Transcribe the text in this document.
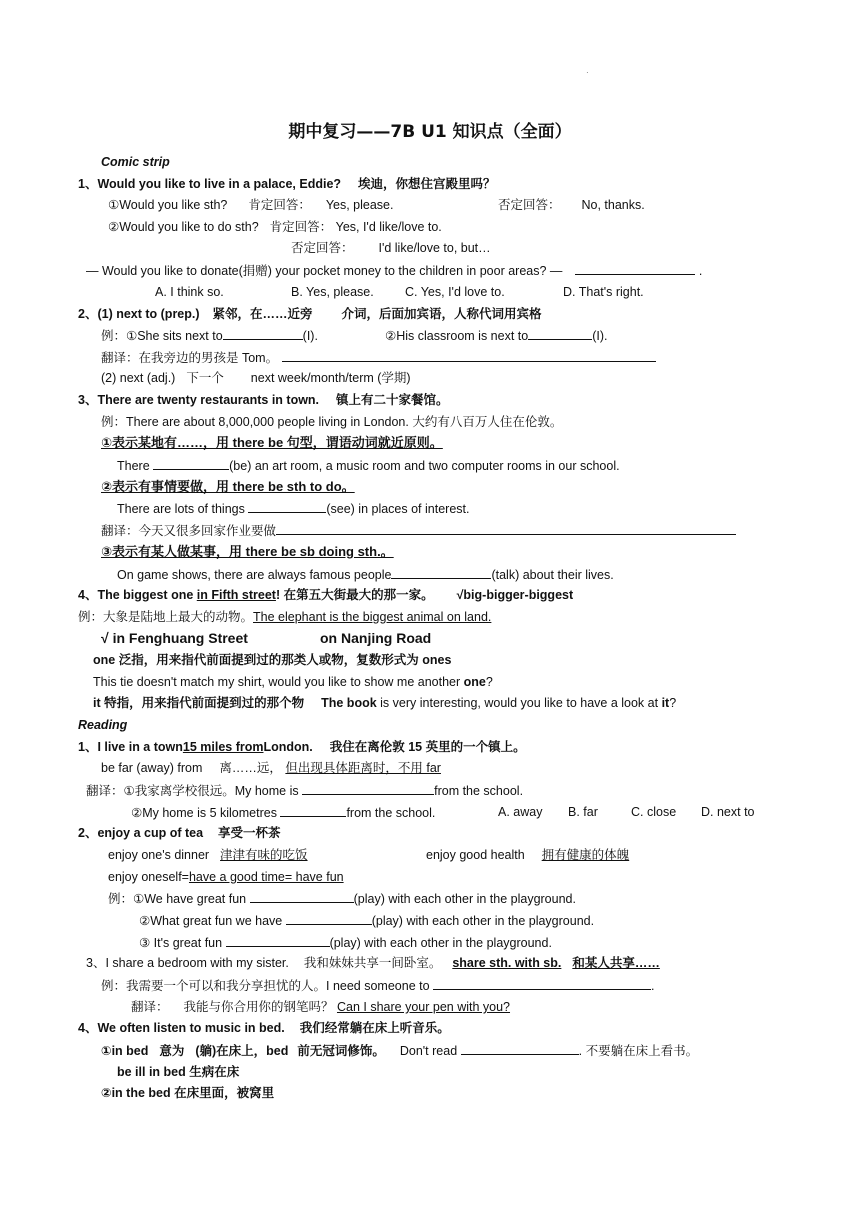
·
期中复习——7B U1 知识点（全面）
Comic strip
1、Would you like to live in a palace, Eddie? 埃迪，你想住宫殿里吗？
①Would you like sth? 肯定回答： Yes, please.	否定回答： No, thanks.
②Would you like to do sth? 肯定回答： Yes, I'd like/love to.
否定回答： I'd like/love to, but…
— Would you like to donate(捐赠) your pocket money to the children in poor areas? —	.
A. I think so.	B. Yes, please.	C. Yes, I'd love to.	D. That's right.
2、(1) next to (prep.) 紧邻，在……近旁 介词，后面加宾语，人称代词用宾格
例：①She sits next to	(I).	②His classroom is next to	(I).
翻译：在我旁边的男孩是 Tom。
(2) next (adj.) 下一个 next week/month/term (学期)
3、There are twenty restaurants in town. 镇上有二十家餐馆。
例：There are about 8,000,000 people living in London. 大约有八百万人住在伦敦。
①表示某地有……，用 there be 句型，谓语动词就近原则。
There	(be) an art room, a music room and two computer rooms in our school.
②表示有事情要做，用 there be sth to do。
There are lots of things	(see) in places of interest.
翻译：今天又很多回家作业要做
③表示有某人做某事，用 there be sb doing sth.。
On game shows, there are always famous people	(talk) about their lives.
4、The biggest one in Fifth street! 在第五大街最大的那一家。 √big-bigger-biggest
例：大象是陆地上最大的动物。The elephant is the biggest animal on land.
√ in Fenghuang Street	on Nanjing Road
one 泛指，用来指代前面提到过的那类人或物，复数形式为 ones
This tie doesn't match my shirt, would you like to show me another one?
it 特指，用来指代前面提到过的那个物 The book is very interesting, would you like to have a look at it?
Reading
1、I live in a town15 miles fromLondon. 我住在离伦敦 15 英里的一个镇上。
be far (away) from 离……远， 但出现具体距离时，不用 far
翻译：①我家离学校很远。My home is	from the school.
②My home is 5 kilometres	from the school.	A. away B. far	C. close D. next to
2、enjoy a cup of tea 享受一杯茶
enjoy one's dinner 津津有味的吃饭	enjoy good health 拥有健康的体魄
enjoy oneself=have a good time= have fun
例：①We have great fun	(play) with each other in the playground.
②What great fun we have	(play) with each other in the playground.
③ It's great fun	(play) with each other in the playground.
3、I share a bedroom with my sister. 我和妹妹共享一间卧室。 share sth. with sb. 和某人共享……
例：我需要一个可以和我分享担忧的人。I need someone to	.
翻译： 我能与你合用你的钢笔吗？ Can I share your pen with you?
4、We often listen to music in bed. 我们经常躺在床上听音乐。
①in bed 意为 (躺)在床上，bed 前无冠词修饰。 Don't read	. 不要躺在床上看书。
be ill in bed 生病在床
②in the bed 在床里面，被窝里
